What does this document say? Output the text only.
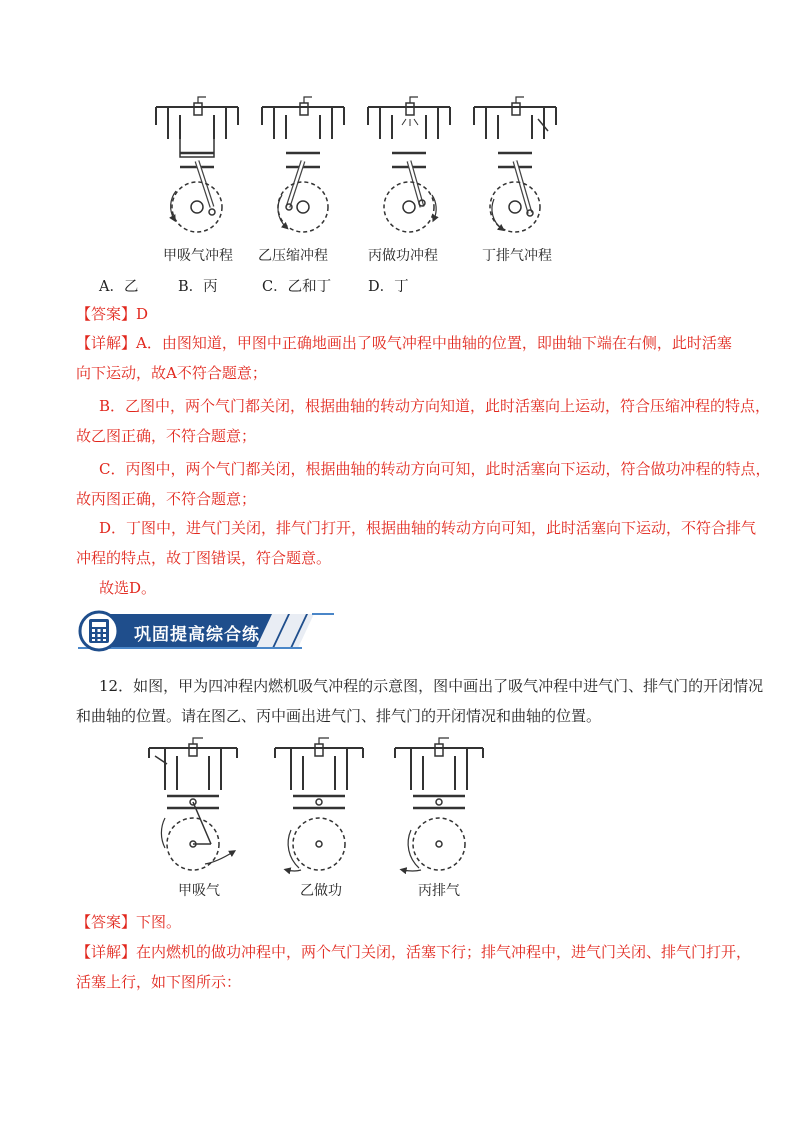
甲吸气冲程 乙压缩冲程	丙做功冲程	丁排气冲程
A．乙	B．丙	C．乙和丁	D．丁
【答案】D
【详解】A．由图知道，甲图中正确地画出了吸气冲程中曲轴的位置，即曲轴下端在右侧，此时活塞
向下运动，故A不符合题意；
B．乙图中，两个气门都关闭，根据曲轴的转动方向知道，此时活塞向上运动，符合压缩冲程的特点，
故乙图正确，不符合题意；
C．丙图中，两个气门都关闭，根据曲轴的转动方向可知，此时活塞向下运动，符合做功冲程的特点，
故丙图正确，不符合题意；
D．丁图中，进气门关闭，排气门打开，根据曲轴的转动方向可知，此时活塞向下运动，不符合排气
冲程的特点，故丁图错误，符合题意。
故选D。
巩固提高综合练
12．如图，甲为四冲程内燃机吸气冲程的示意图，图中画出了吸气冲程中进气门、排气门的开闭情况
和曲轴的位置。请在图乙、丙中画出进气门、排气门的开闭情况和曲轴的位置。
甲吸气	乙做功	丙排气
【答案】下图。
【详解】在内燃机的做功冲程中，两个气门关闭，活塞下行；排气冲程中，进气门关闭、排气门打开，
活塞上行，如下图所示：
